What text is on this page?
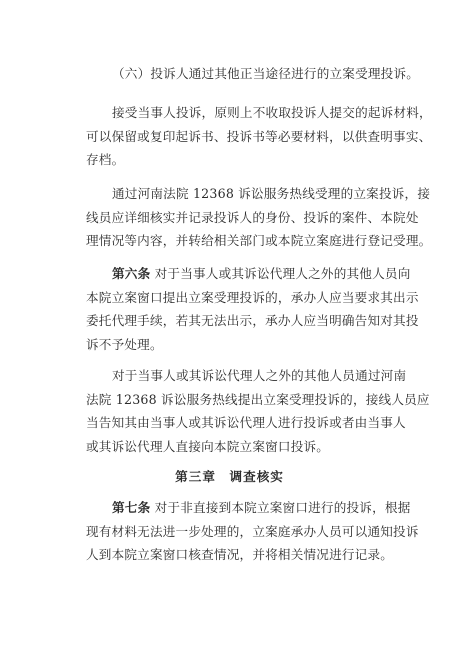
（六）投诉人通过其他正当途径进行的立案受理投诉。
接受当事人投诉，原则上不收取投诉人提交的起诉材料，
可以保留或复印起诉书、投诉书等必要材料，以供查明事实、
存档。
通过河南法院 12368 诉讼服务热线受理的立案投诉，接
线员应详细核实并记录投诉人的身份、投诉的案件、本院处
理情况等内容，并转给相关部门或本院立案庭进行登记受理。
第六条 对于当事人或其诉讼代理人之外的其他人员向
本院立案窗口提出立案受理投诉的，承办人应当要求其出示
委托代理手续，若其无法出示，承办人应当明确告知对其投
诉不予处理。
对于当事人或其诉讼代理人之外的其他人员通过河南
法院 12368 诉讼服务热线提出立案受理投诉的，接线人员应
当告知其由当事人或其诉讼代理人进行投诉或者由当事人
或其诉讼代理人直接向本院立案窗口投诉。
第三章　调查核实
第七条 对于非直接到本院立案窗口进行的投诉，根据
现有材料无法进一步处理的，立案庭承办人员可以通知投诉
人到本院立案窗口核查情况，并将相关情况进行记录。
